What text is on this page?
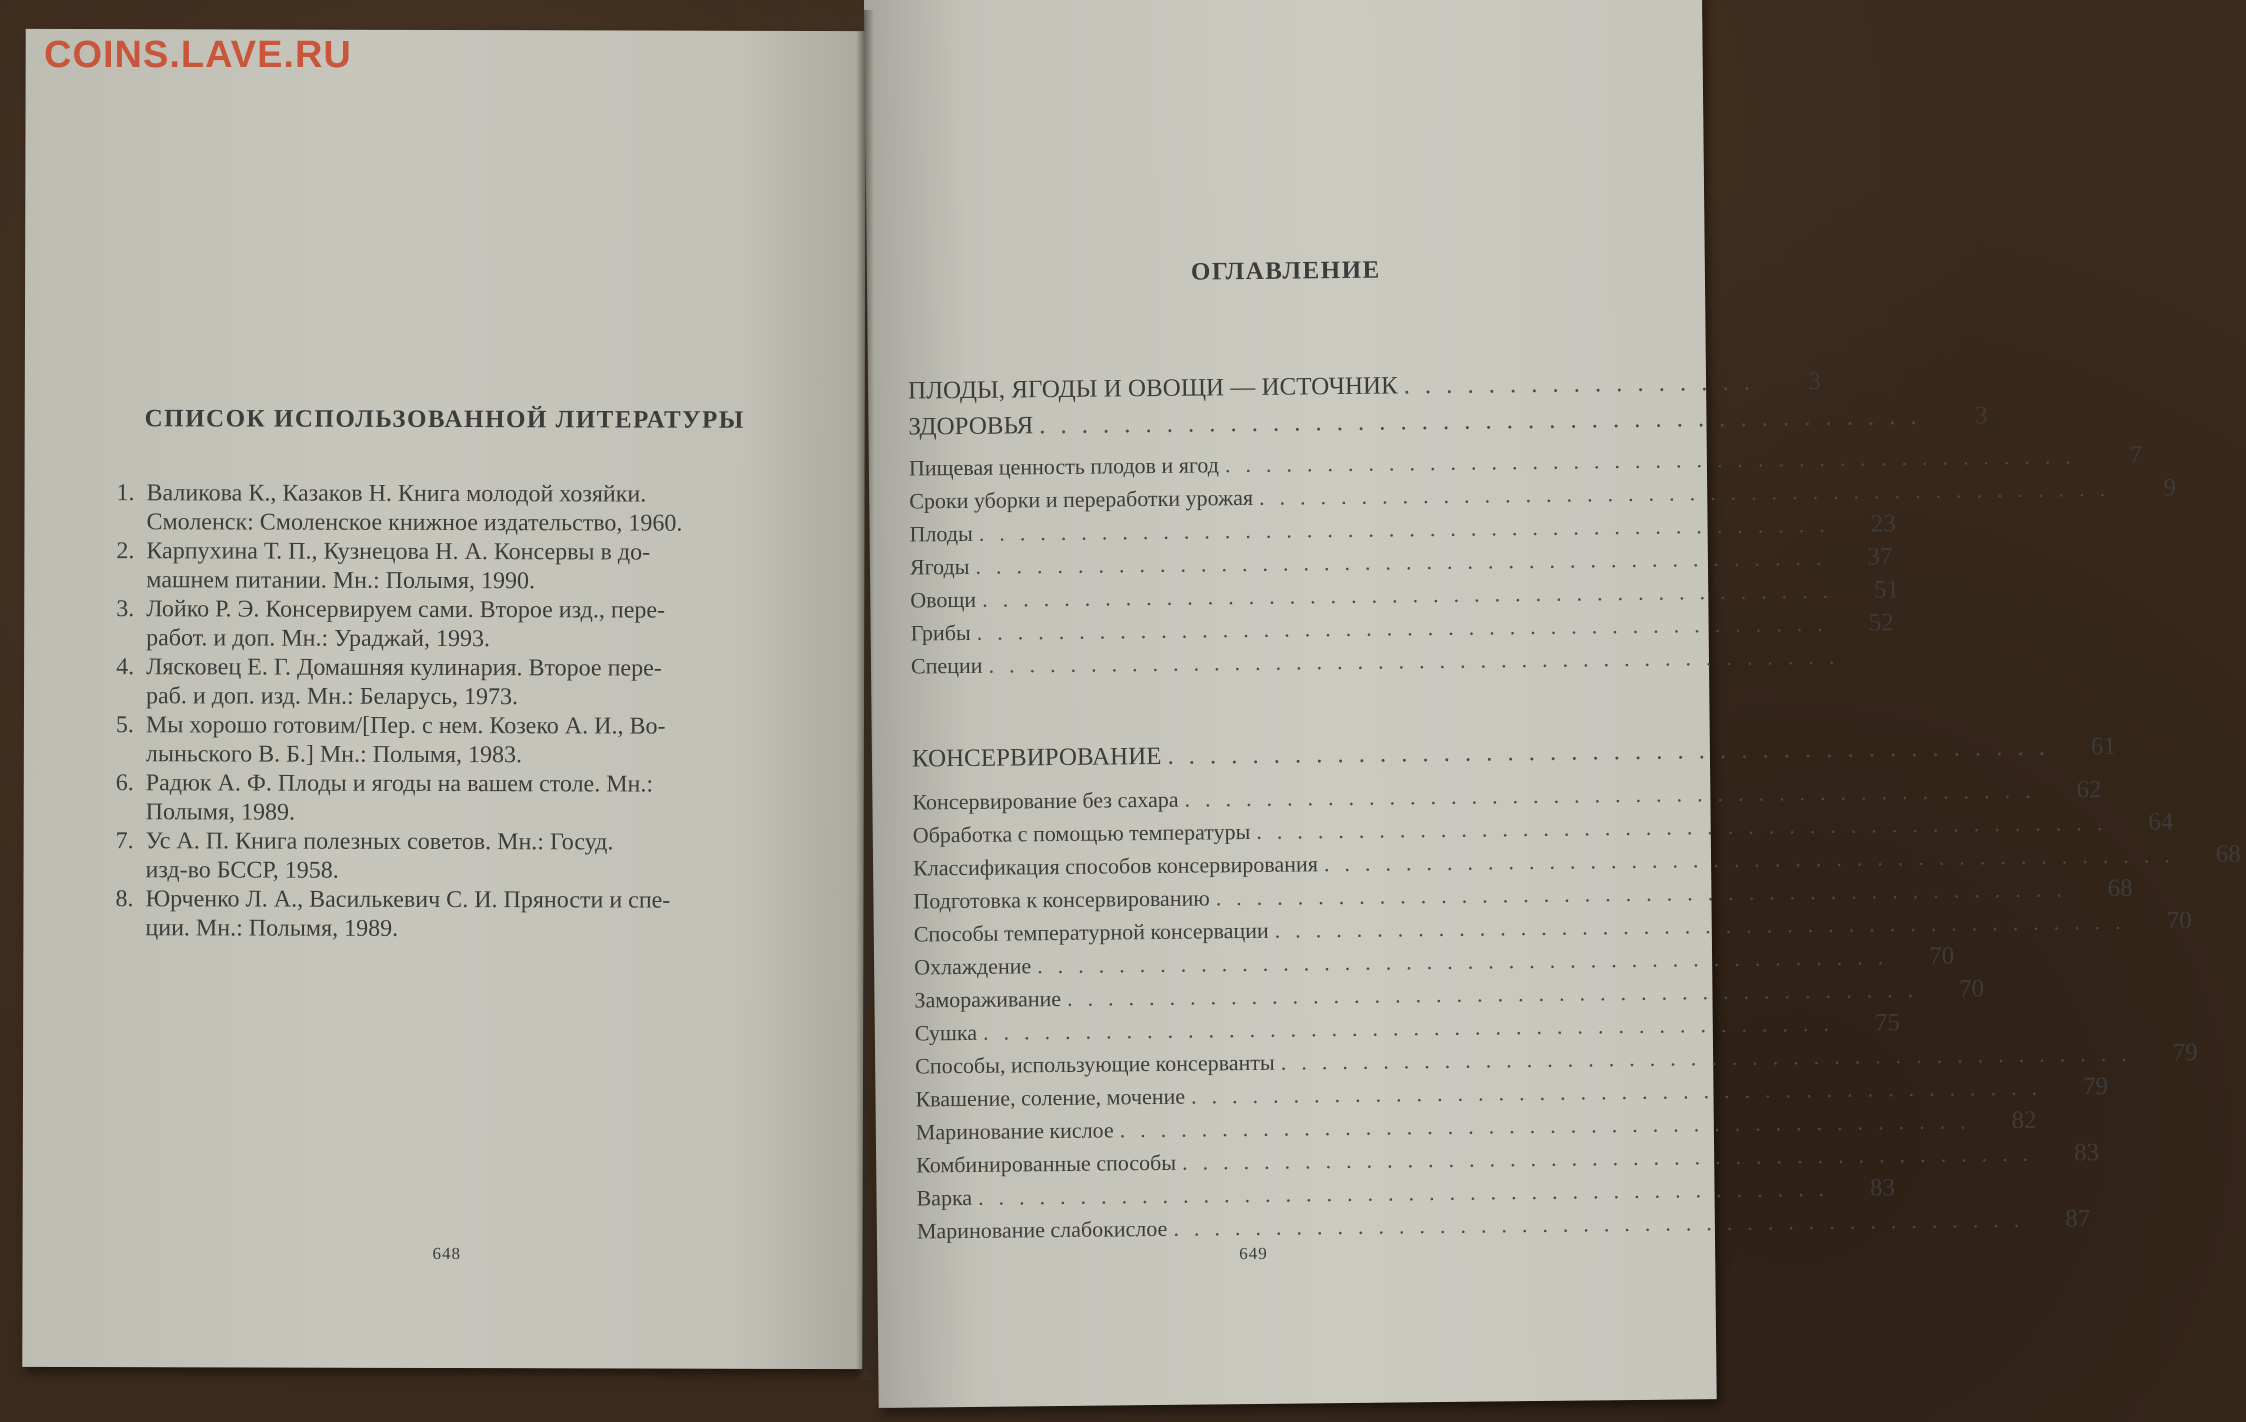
COINS.LAVE.RU
СПИСОК ИСПОЛЬЗОВАННОЙ ЛИТЕРАТУРЫ
1. Валикова К., Казаков Н. Книга молодой хозяйки.
Смоленск: Смоленское книжное издательство, 1960.
2. Карпухина Т. П., Кузнецова Н. А. Консервы в до-
машнем питании. Мн.: Полымя, 1990.
3. Лойко Р. Э. Консервируем сами. Второе изд., пере-
работ. и доп. Мн.: Ураджай, 1993.
4. Лясковец Е. Г. Домашняя кулинария. Второе пере-
раб. и доп. изд. Мн.: Беларусь, 1973.
5. Мы хорошо готовим/[Пер. с нем. Козеко А. И., Во-
лыньского В. Б.] Мн.: Полымя, 1983.
6. Радюк А. Ф. Плоды и ягоды на вашем столе. Мн.:
Полымя, 1989.
7. Ус А. П. Книга полезных советов. Мн.: Госуд.
изд-во БССР, 1958.
8. Юрченко Л. А., Василькевич С. И. Пряности и спе-
ции. Мн.: Полымя, 1989.
648
ОГЛАВЛЕНИЕ
ПЛОДЫ, ЯГОДЫ И ОВОЩИ — ИСТОЧНИК .................	3
ЗДОРОВЬЯ ..........................................	3
Пищевая ценность плодов и ягод ..........................................	7
Сроки уборки и переработки урожая ..........................................	9
Плоды ..........................................	23
Ягоды ..........................................	37
Овощи ..........................................	51
Грибы ..........................................	52
Специи ..........................................
КОНСЕРВИРОВАНИЕ ..........................................	61
Консервирование без сахара ..........................................	62
Обработка с помощью температуры ..........................................	64
Классификация способов консервирования ..........................................	68
Подготовка к консервированию ..........................................	68
Способы температурной консервации ..........................................	70
Охлаждение ..........................................	70
Замораживание ..........................................	70
Сушка ..........................................	75
Способы, использующие консерванты ..........................................	79
Квашение, соление, мочение ..........................................	79
Маринование кислое ..........................................	82
Комбинированные способы ..........................................	83
Варка ..........................................	83
Маринование слабокислое ..........................................	87
649
